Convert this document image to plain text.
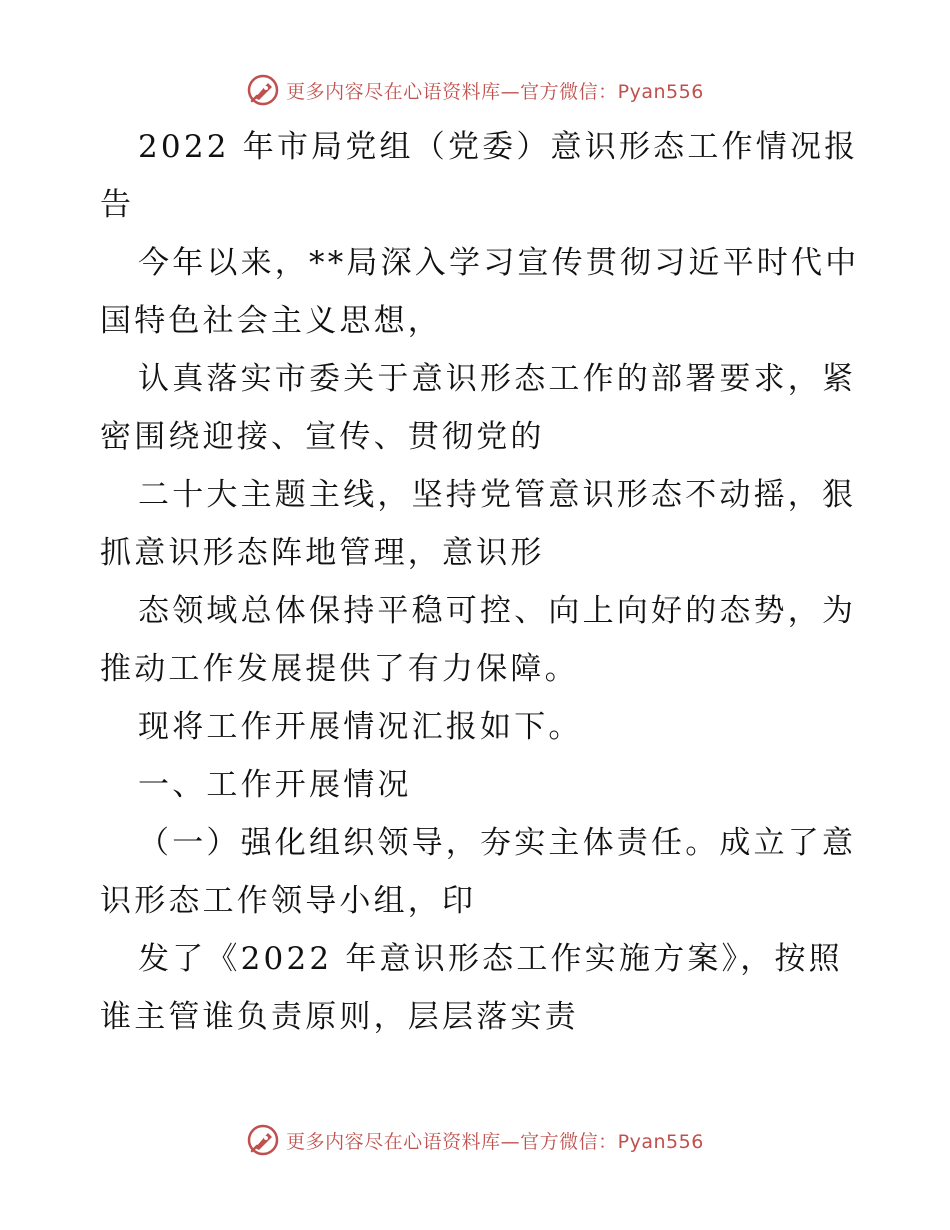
更多内容尽在心语资料库—官方微信：Pyan556

2022 年市局党组（党委）意识形态工作情况报告

今年以来，**局深入学习宣传贯彻习近平时代中国特色社会主义思想，

认真落实市委关于意识形态工作的部署要求，紧密围绕迎接、宣传、贯彻党的

二十大主题主线，坚持党管意识形态不动摇，狠抓意识形态阵地管理，意识形

态领域总体保持平稳可控、向上向好的态势，为推动工作发展提供了有力保障。

现将工作开展情况汇报如下。

一、工作开展情况

（一）强化组织领导，夯实主体责任。成立了意识形态工作领导小组，印

发了《2022 年意识形态工作实施方案》，按照谁主管谁负责原则，层层落实责

更多内容尽在心语资料库—官方微信：Pyan556
